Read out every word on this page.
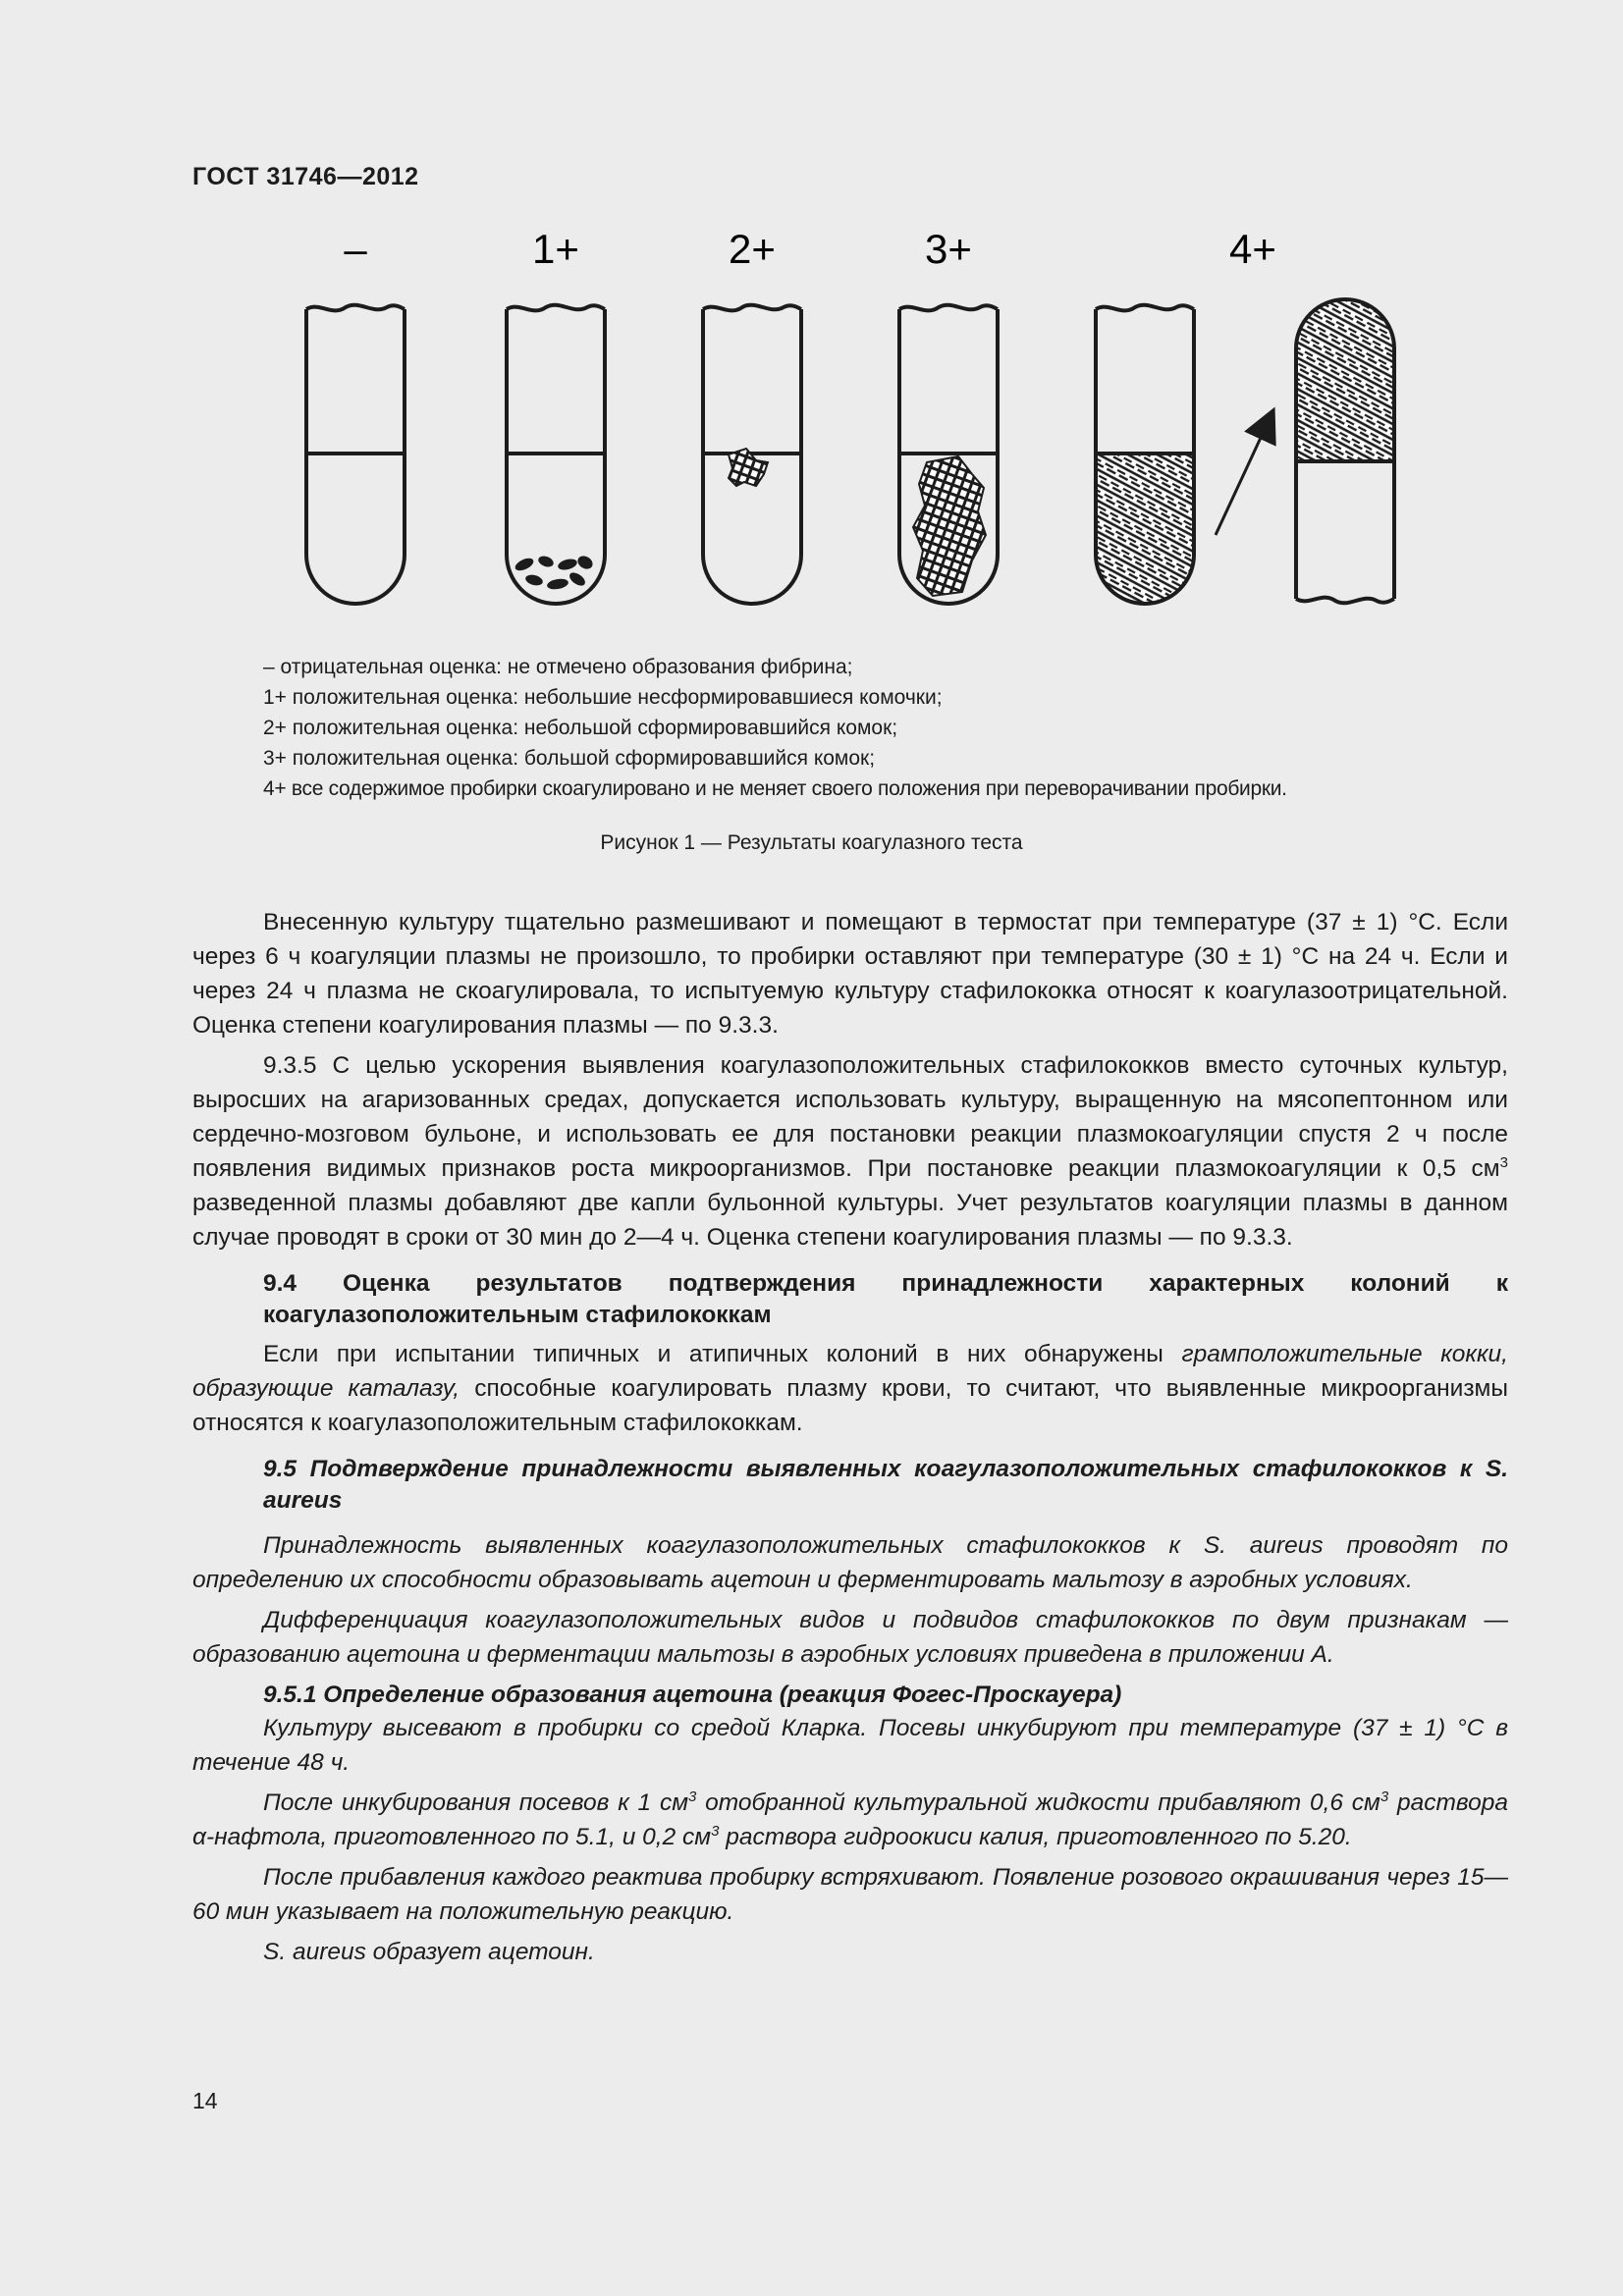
ГОСТ 31746—2012
–	1+	2+	3+	4+
– отрицательная оценка: не отмечено образования фибрина;
1+ положительная оценка: небольшие несформировавшиеся комочки;
2+ положительная оценка: небольшой сформировавшийся комок;
3+ положительная оценка: большой сформировавшийся комок;
4+ все содержимое пробирки скоагулировано и не меняет своего положения при переворачивании пробирки.
Рисунок 1 — Результаты коагулазного теста

Внесенную культуру тщательно размешивают и помещают в термостат при температуре (37 ± 1) °С. Если через 6 ч коагуляции плазмы не произошло, то пробирки оставляют при температуре (30 ± 1) °С на 24 ч. Если и через 24 ч плазма не скоагулировала, то испытуемую культуру стафилококка относят к коагулазоотрицательной. Оценка степени коагулирования плазмы — по 9.3.3.

9.3.5 С целью ускорения выявления коагулазоположительных стафилококков вместо суточных культур, выросших на агаризованных средах, допускается использовать культуру, выращенную на мясопептонном или сердечно-мозговом бульоне, и использовать ее для постановки реакции плазмокоагуляции спустя 2 ч после появления видимых признаков роста микроорганизмов. При постановке реакции плазмокоагуляции к 0,5 $см^3$ разведенной плазмы добавляют две капли бульонной культуры. Учет результатов коагуляции плазмы в данном случае проводят в сроки от 30 мин до 2—4 ч. Оценка степени коагулирования плазмы — по 9.3.3.

9.4 Оценка результатов подтверждения принадлежности характерных колоний к коагулазоположительным стафилококкам

Если при испытании типичных и атипичных колоний в них обнаружены грамположительные кокки, образующие каталазу, способные коагулировать плазму крови, то считают, что выявленные микроорганизмы относятся к коагулазоположительным стафилококкам.

9.5 Подтверждение принадлежности выявленных коагулазоположительных стафилококков к S. aureus

Принадлежность выявленных коагулазоположительных стафилококков к S. aureus проводят по определению их способности образовывать ацетоин и ферментировать мальтозу в аэробных условиях.

Дифференциация коагулазоположительных видов и подвидов стафилококков по двум признакам — образованию ацетоина и ферментации мальтозы в аэробных условиях приведена в приложении А.

9.5.1 Определение образования ацетоина (реакция Фогес-Проскауера)

Культуру высевают в пробирки со средой Кларка. Посевы инкубируют при температуре (37 ± 1) °С в течение 48 ч.

После инкубирования посевов к 1 $см^3$ отобранной культуральной жидкости прибавляют 0,6 $см^3$ раствора α-нафтола, приготовленного по 5.1, и 0,2 $см^3$ раствора гидроокиси калия, приготовленного по 5.20.

После прибавления каждого реактива пробирку встряхивают. Появление розового окрашивания через 15—60 мин указывает на положительную реакцию.

S. aureus образует ацетоин.

14
